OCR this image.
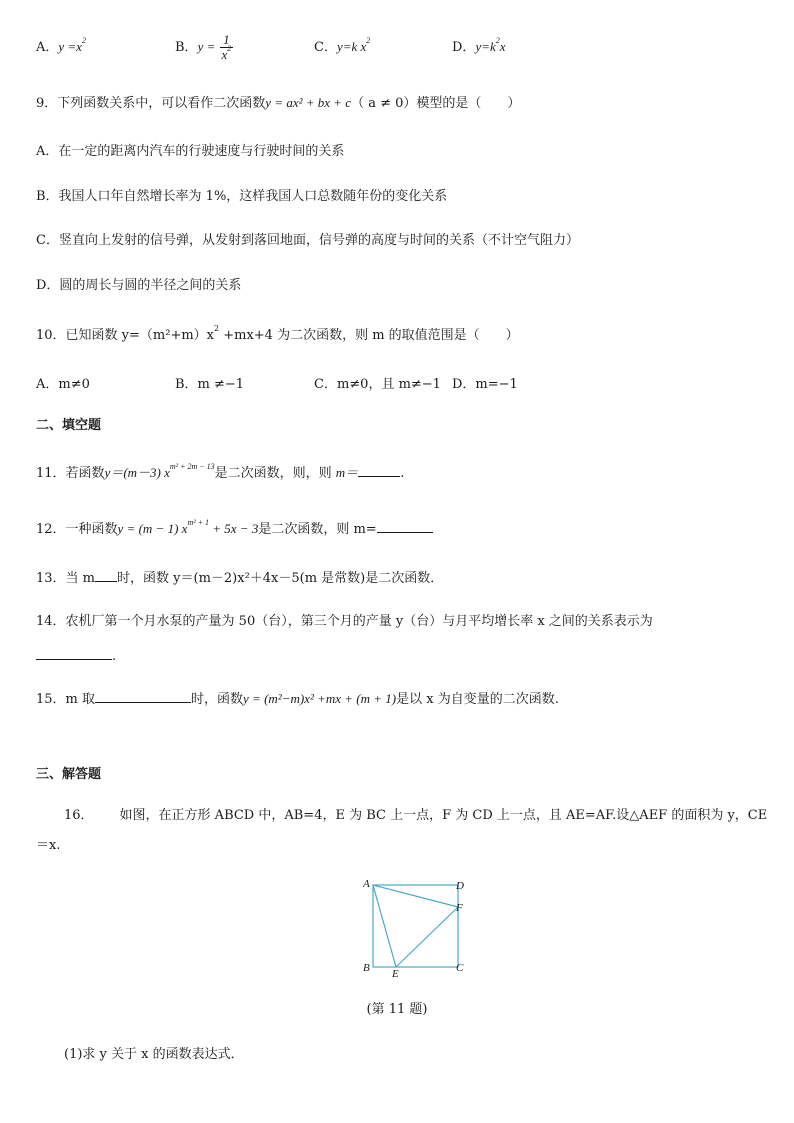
A．$y =x^2$	B．$y = \frac{1}{x^2}$	C．y=k $x^2$	D．$y=k^2x$
9．下列函数关系中，可以看作二次函数y = ax² + bx + c（ a ≠ 0）模型的是（　　）
A．在一定的距离内汽车的行驶速度与行驶时间的关系
B．我国人口年自然增长率为 1%，这样我国人口总数随年份的变化关系
C．竖直向上发射的信号弹，从发射到落回地面，信号弹的高度与时间的关系（不计空气阻力）
D．圆的周长与圆的半径之间的关系
10．已知函数 $y=(m^2+m)x^2 +mx+4$ 为二次函数，则 m 的取值范围是（　　）
A．m≠0	B．m ≠−1	C．m≠0，且 m≠−1 D．m=−1
二、填空题
11．若函数y＝(m－3) $x^{m^2 + 2m - 13}$是二次函数，则，则 m＝	.
12．一种函数y = (m − 1) $x^{m^2 + 1} + 5x - 3$是二次函数，则 m=
13．当 m 时，函数 y＝(m－2)x²＋4x－5(m 是常数)是二次函数．
14．农机厂第一个月水泵的产量为 50（台），第三个月的产量 y（台）与月平均增长率 x 之间的关系表示为
.
15．m 取	时，函数y = (m²−m)x² +mx + (m + 1)是以 x 为自变量的二次函数.
三、解答题
16． 如图，在正方形 ABCD 中，AB=4，E 为 BC 上一点，F 为 CD 上一点，且 AE=AF.设△AEF 的面积为 y，CE
＝x.
A	D
F
B E	C
(第 11 题)
(1)求 y 关于 x 的函数表达式．
